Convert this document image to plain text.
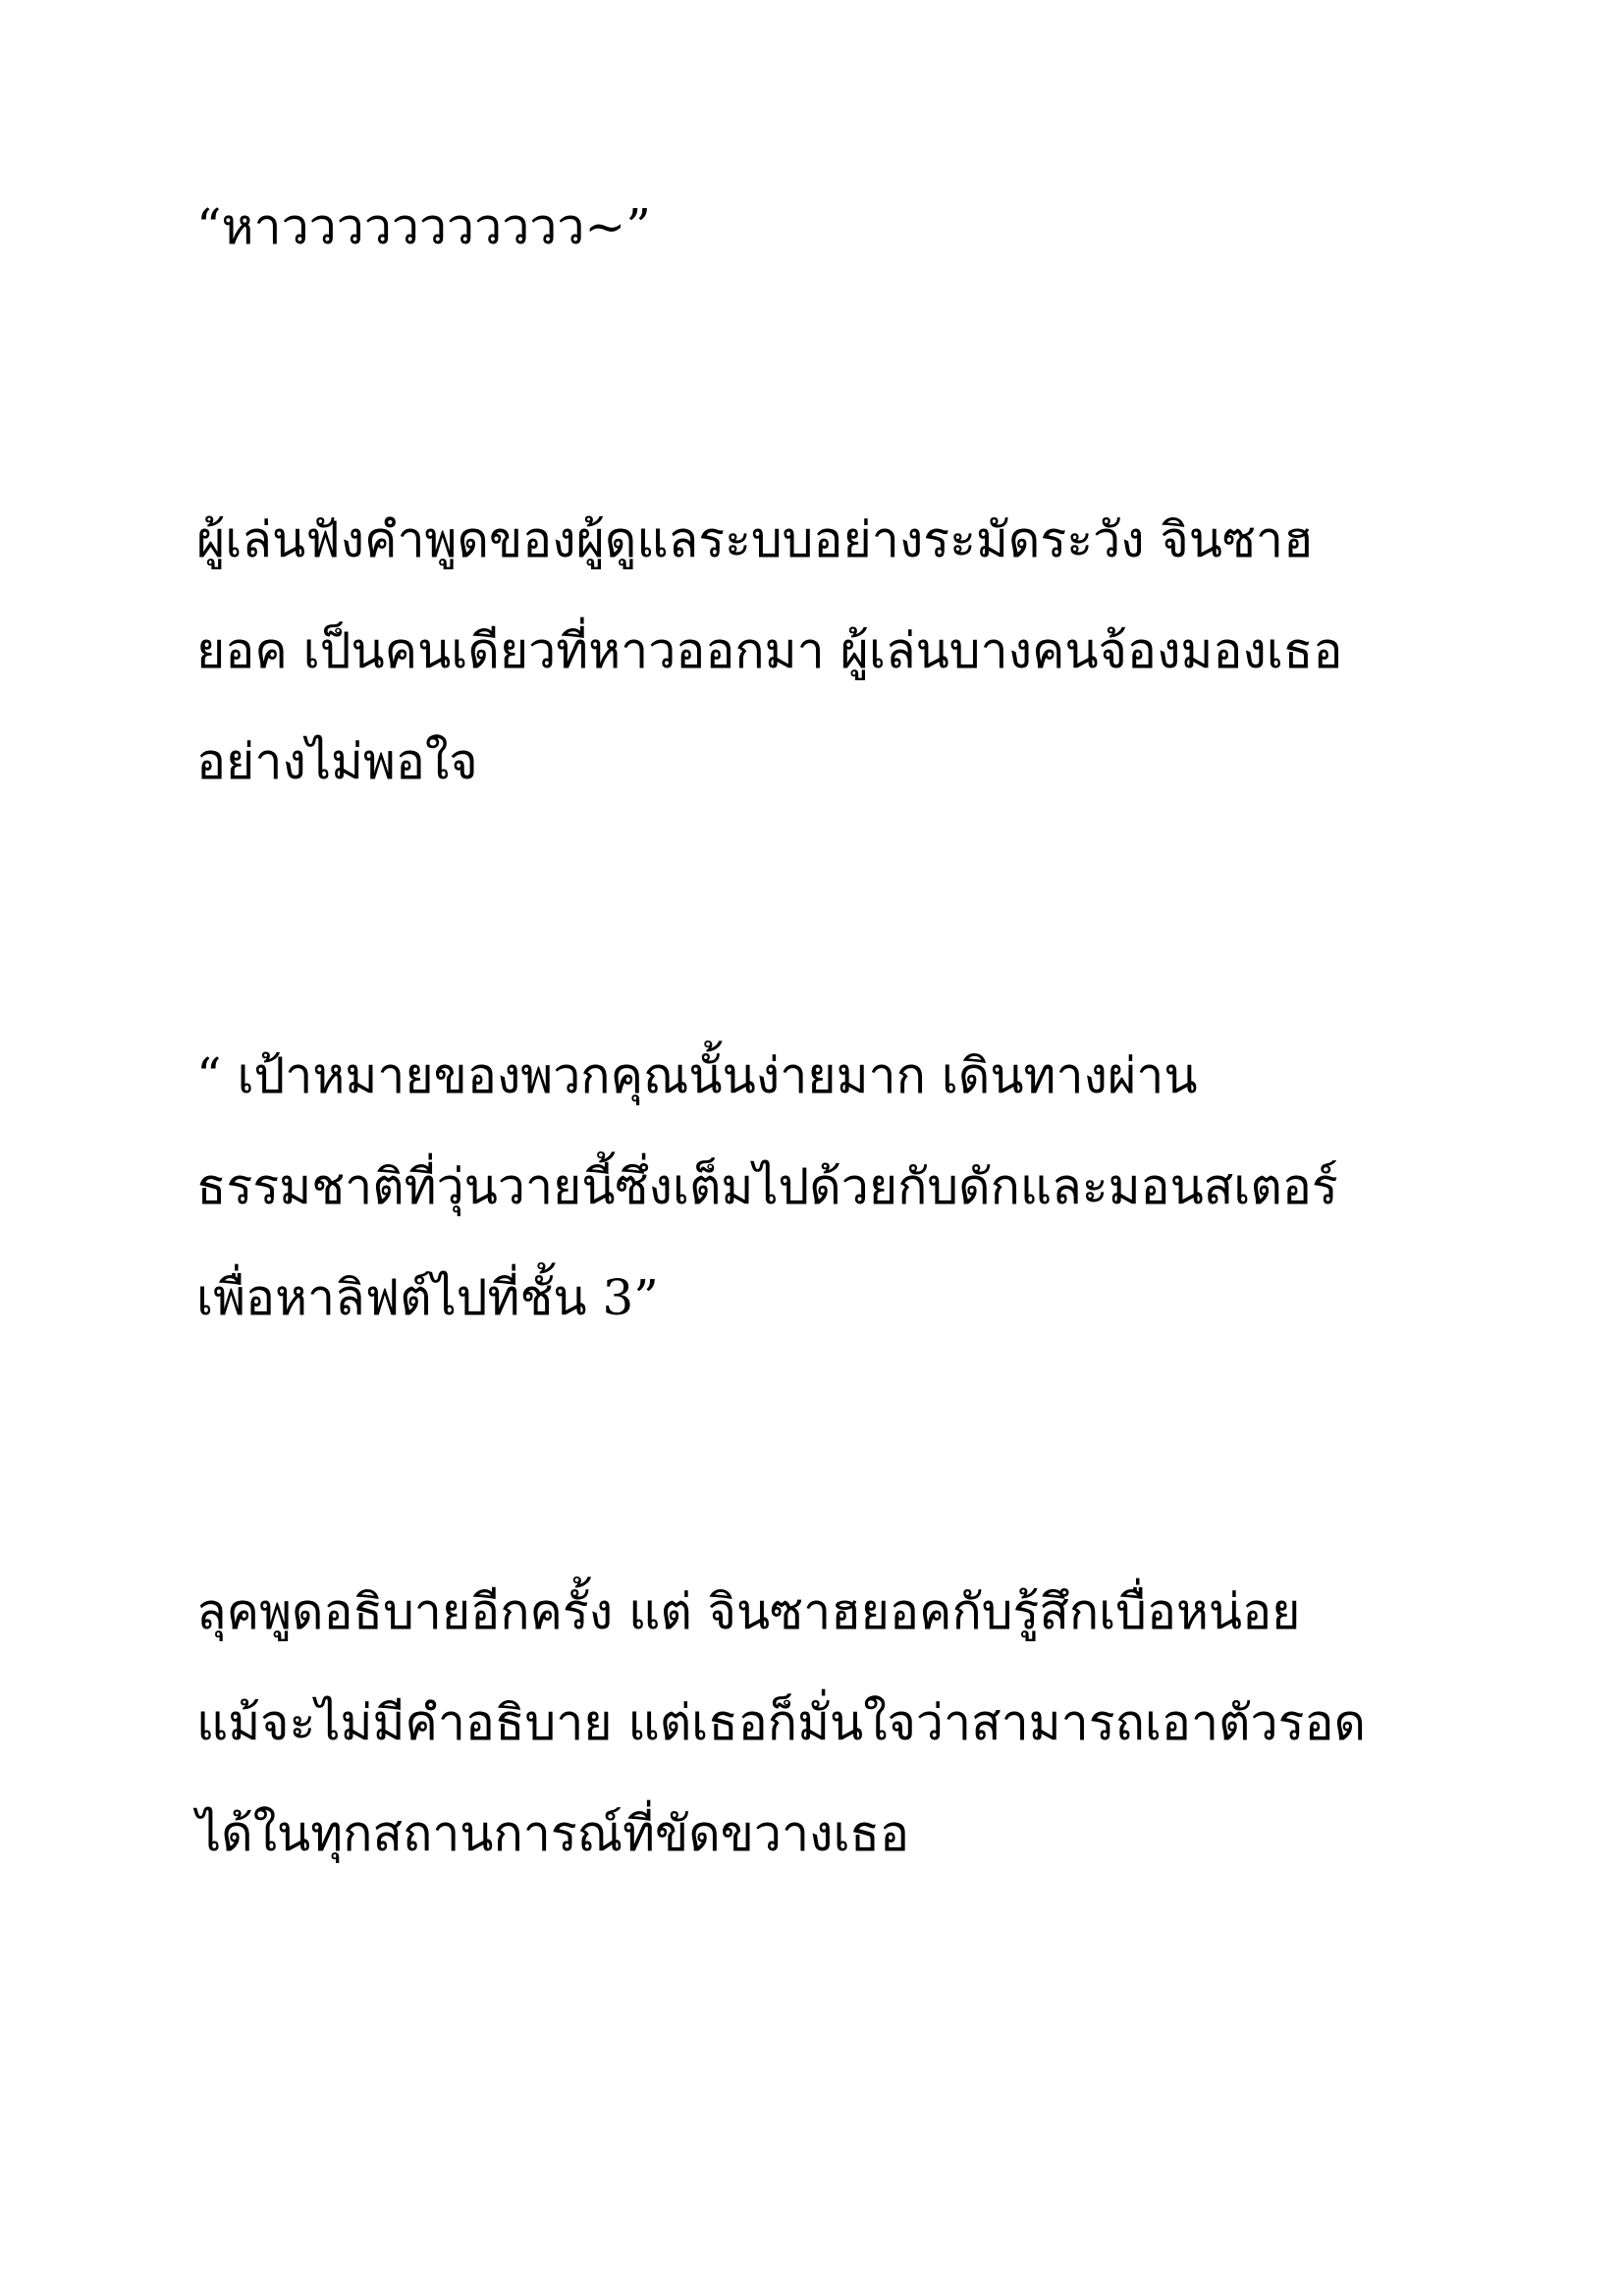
“หาววววววววววว~”
ผู้เล่นฟังคำพูดของผู้ดูแลระบบอย่างระมัดระวัง จินซาฮ
ยอค เป็นคนเดียวที่หาวออกมา ผู้เล่นบางคนจ้องมองเธอ
อย่างไม่พอใจ
“ เป้าหมายของพวกคุณนั้นง่ายมาก เดินทางผ่าน
ธรรมชาติที่วุ่นวายนี้ซึ่งเต็มไปด้วยกับดักและมอนสเตอร์
เพื่อหาลิฟต์ไปที่ชั้น 3”
ลุคพูดอธิบายอีกครั้ง แต่ จินซาฮยอคกับรู้สึกเบื่อหน่อย
แม้จะไม่มีคำอธิบาย แต่เธอก็มั่นใจว่าสามารถเอาตัวรอด
ได้ในทุกสถานการณ์ที่ขัดขวางเธอ
